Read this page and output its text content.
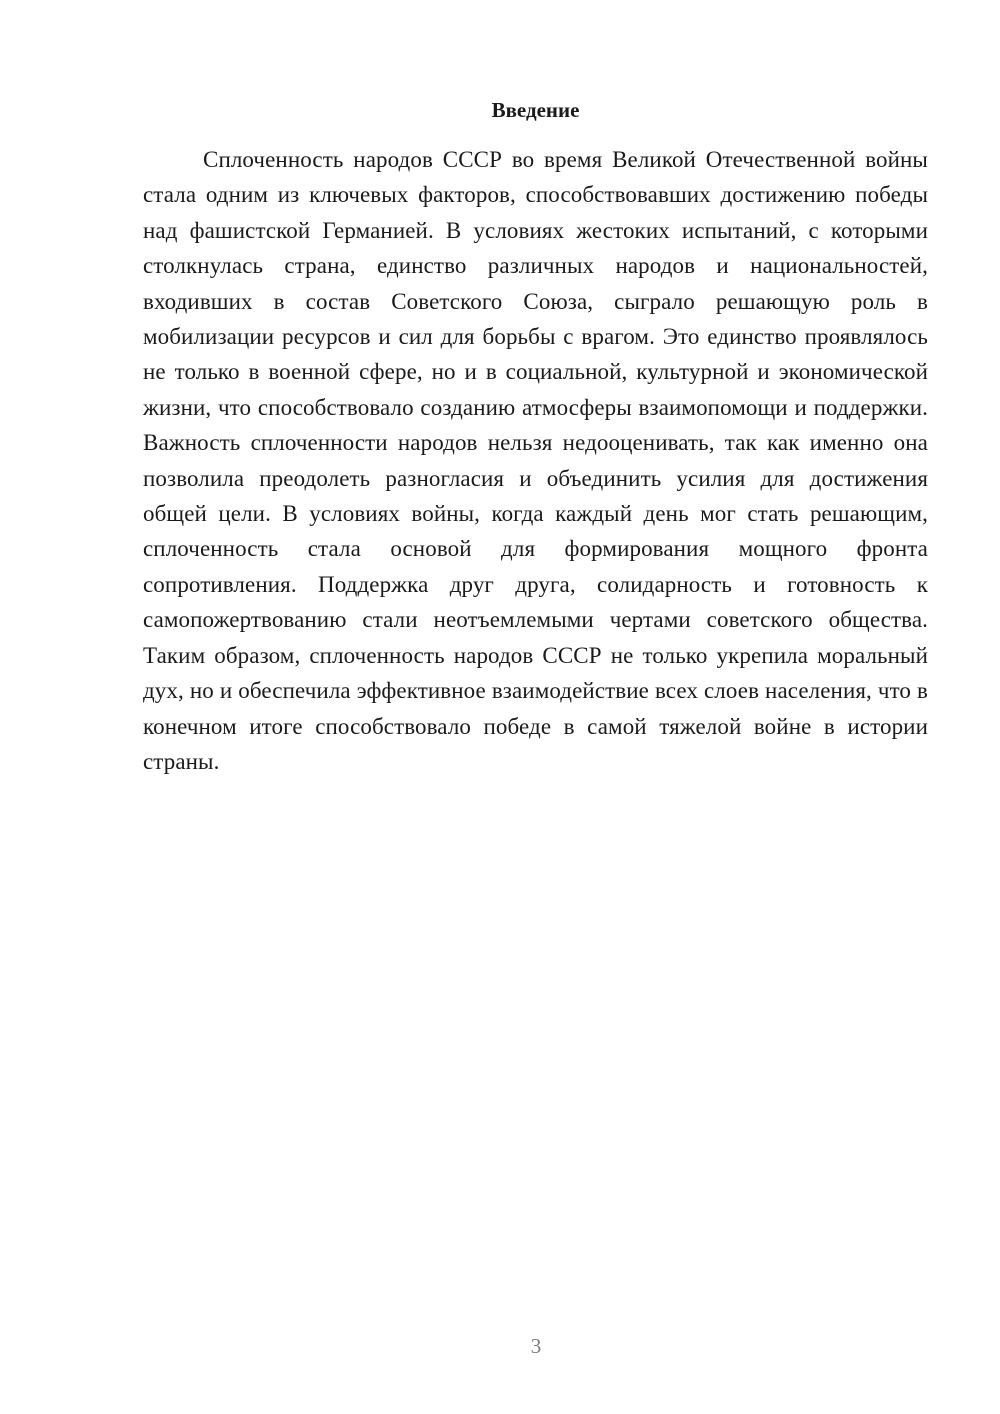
Введение

Сплоченность народов СССР во время Великой Отечественной войны стала одним из ключевых факторов, способствовавших достижению победы над фашистской Германией. В условиях жестоких испытаний, с которыми столкнулась страна, единство различных народов и национальностей, входивших в состав Советского Союза, сыграло решающую роль в мобилизации ресурсов и сил для борьбы с врагом. Это единство проявлялось не только в военной сфере, но и в социальной, культурной и экономической жизни, что способствовало созданию атмосферы взаимопомощи и поддержки. Важность сплоченности народов нельзя недооценивать, так как именно она позволила преодолеть разногласия и объединить усилия для достижения общей цели. В условиях войны, когда каждый день мог стать решающим, сплоченность стала основой для формирования мощного фронта сопротивления. Поддержка друг друга, солидарность и готовность к самопожертвованию стали неотъемлемыми чертами советского общества. Таким образом, сплоченность народов СССР не только укрепила моральный дух, но и обеспечила эффективное взаимодействие всех слоев населения, что в конечном итоге способствовало победе в самой тяжелой войне в истории страны.

3
